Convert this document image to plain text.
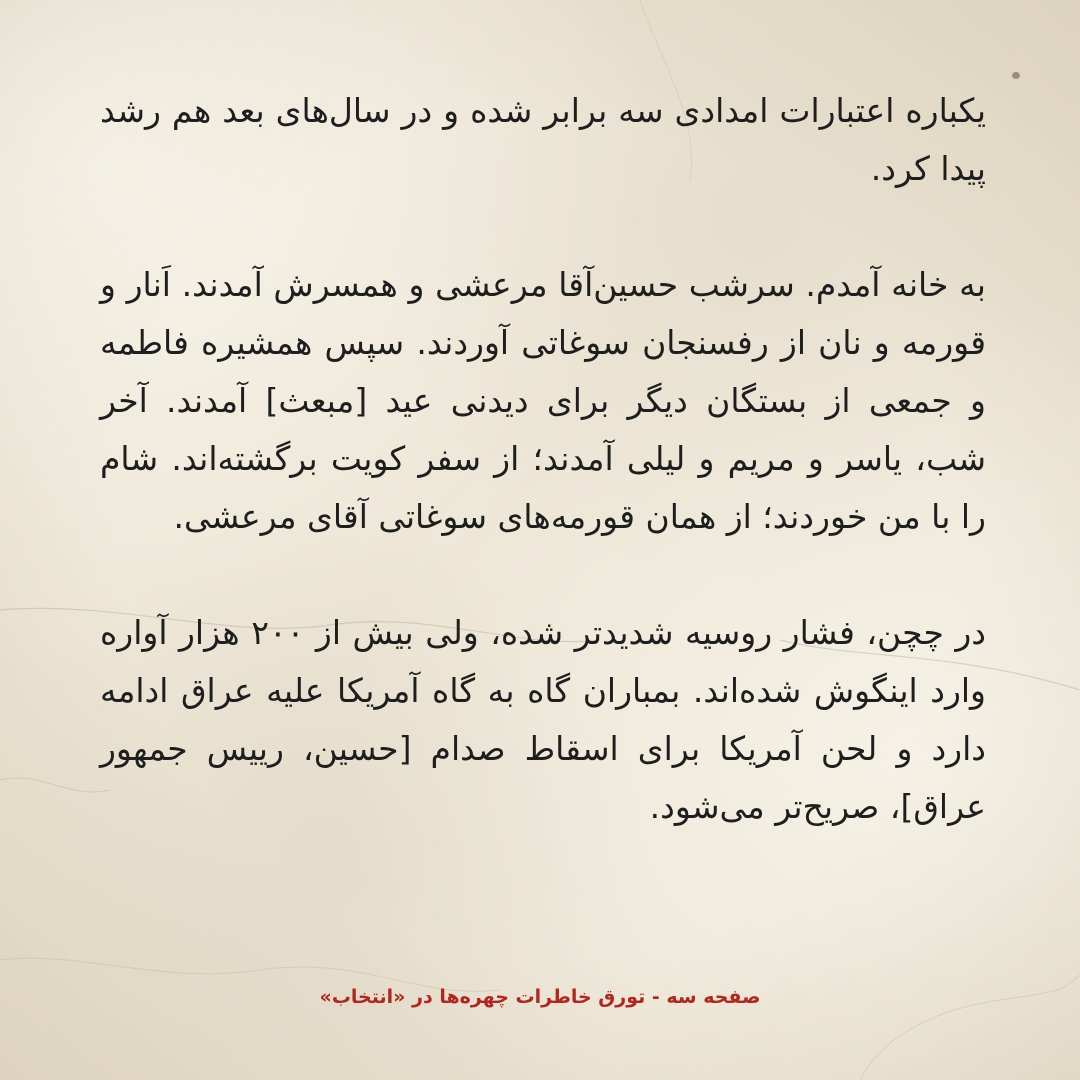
یکباره اعتبارات امدادی سه برابر شده و در سال‌های بعد هم رشد پیدا کرد.

به خانه آمدم. سرشب حسین‌آقا مرعشی و همسرش آمدند. اَنار و قورمه و نان از رفسنجان سوغاتی آوردند. سپس همشیره فاطمه و جمعی از بستگان دیگر برای دیدنی عید [مبعث] آمدند. آخر شب، یاسر و مریم و لیلی آمدند؛ از سفر کویت برگشته‌اند. شام را با من خوردند؛ از همان قورمه‌های سوغاتی آقای مرعشی.

در چچن، فشار روسیه شدیدتر شده، ولی بیش از ۲۰۰ هزار آواره وارد اینگوش شده‌اند. بمباران گاه به گاه آمریکا علیه عراق ادامه دارد و لحن آمریکا برای اسقاط صدام [حسین، رییس جمهور عراق]، صریح‌تر می‌شود.

صفحه سه - تورق خاطرات چهره‌ها در «انتخاب»
